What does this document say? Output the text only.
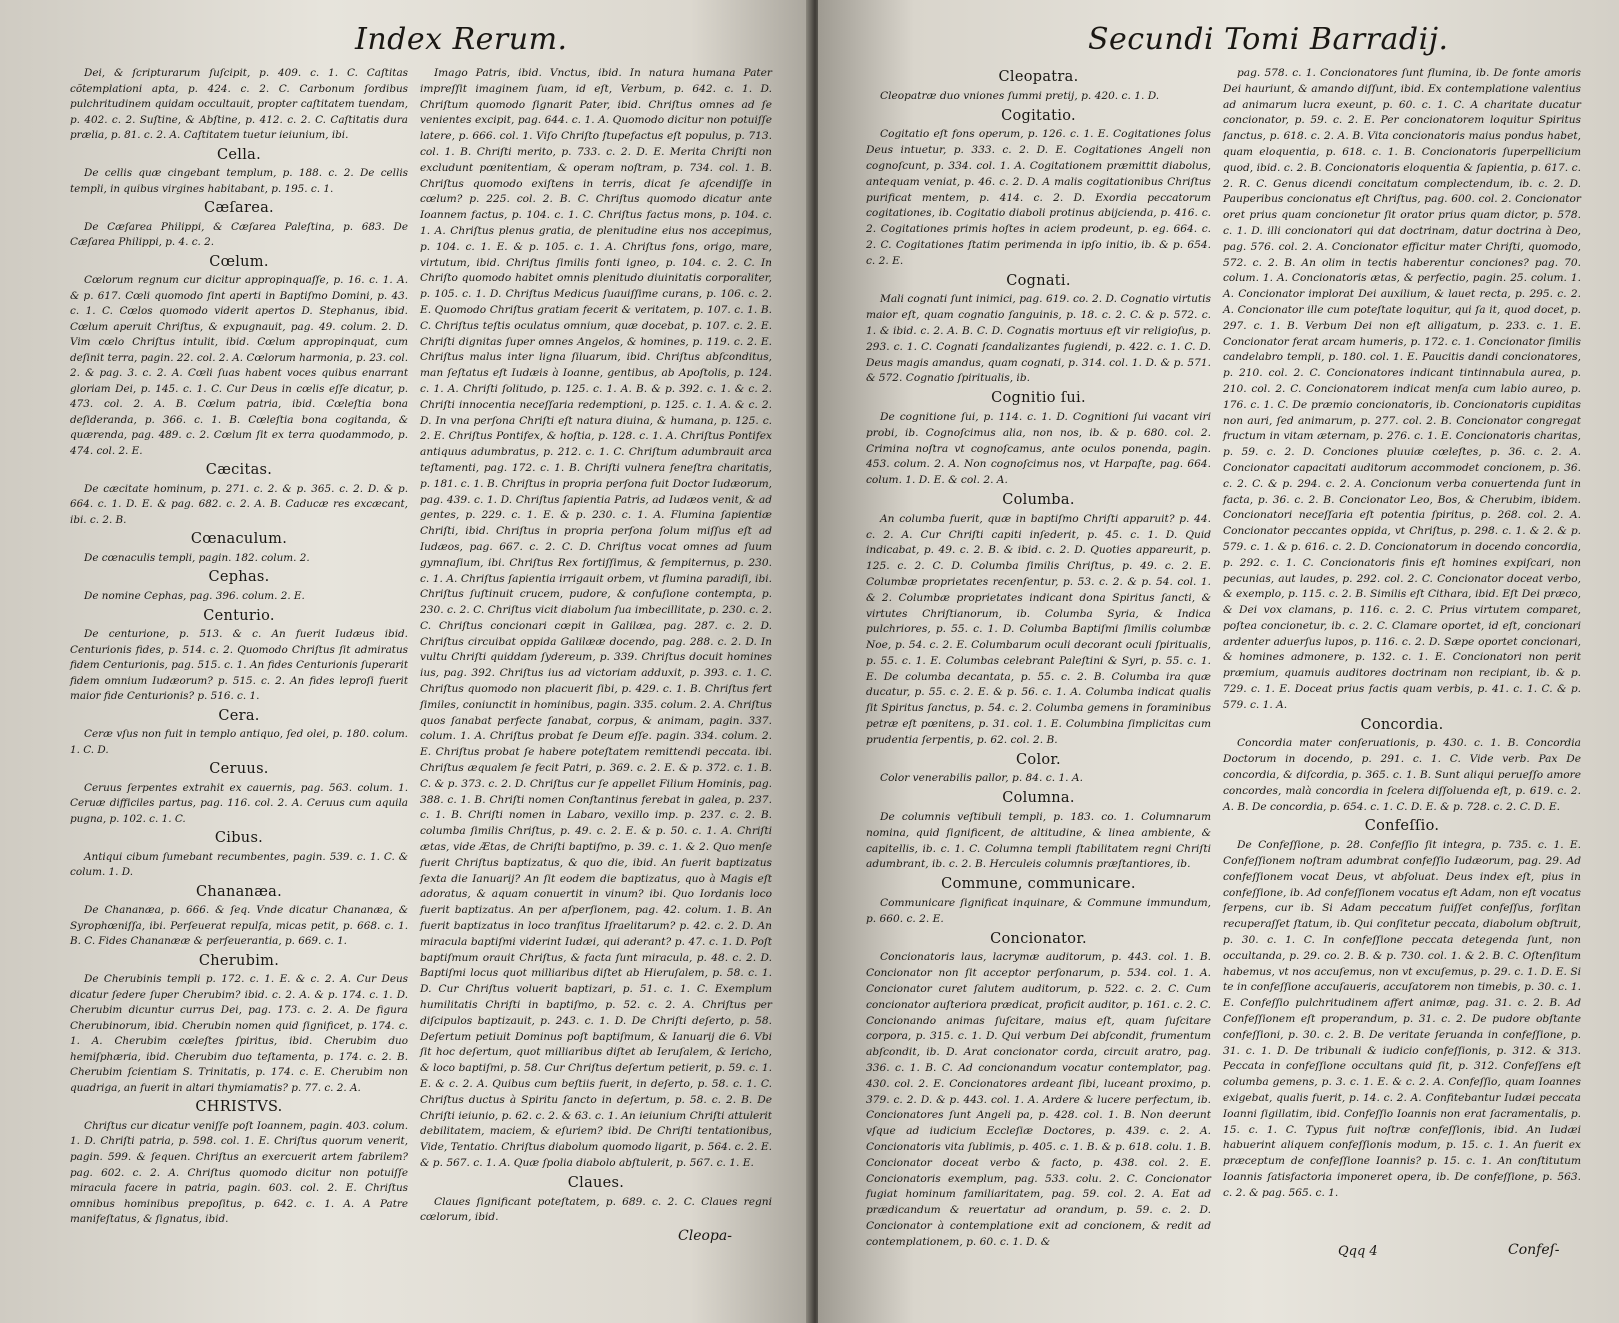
Index Rerum.

Dei, & ſcripturarum ſuſcipit, p. 409. c. 1. C. Caſtitas cõtemplationi apta, p. 424. c. 2. C. Carbonum ſordibus pulchritudinem quidam occultauit, propter caſtitatem tuendam, p. 402. c. 2. Suſtine, & Abſtine, p. 412. c. 2. C. Caſtitatis dura prælia, p. 81. c. 2. A. Caſtitatem tuetur ieiunium, ibi.

Cella.

De cellis quæ cingebant templum, p. 188. c. 2. De cellis templi, in quibus virgines habitabant, p. 195. c. 1.

Cæſarea.

De Cæſarea Philippi, & Cæſarea Paleſtina, p. 683. De Cæſarea Philippi, p. 4. c. 2.

Cœlum.

Cœlorum regnum cur dicitur appropinquaſſe, p. 16. c. 1. A. & p. 617. Cœli quomodo ſint aperti in Baptiſmo Domini, p. 43. c. 1. C. Cœlos quomodo viderit apertos D. Stephanus, ibid. Cœlum aperuit Chriſtus, & expugnauit, pag. 49. colum. 2. D. Vim cœlo Chriſtus intulit, ibid. Cœlum appropinquat, cum deſinit terra, pagin. 22. col. 2. A. Cœlorum harmonia, p. 23. col. 2. & pag. 3. c. 2. A. Cœli ſuas habent voces quibus enarrant gloriam Dei, p. 145. c. 1. C. Cur Deus in cœlis eſſe dicatur, p. 473. col. 2. A. B. Cœlum patria, ibid. Cœleſtia bona deſideranda, p. 366. c. 1. B. Cœleſtia bona cogitanda, & quærenda, pag. 489. c. 2. Cœlum ſit ex terra quodammodo, p. 474. col. 2. E.

Cæcitas.

De cæcitate hominum, p. 271. c. 2. & p. 365. c. 2. D. & p. 664. c. 1. D. E. & pag. 682. c. 2. A. B. Caducæ res excæcant, ibi. c. 2. B.

Cœnaculum.

De cœnaculis templi, pagin. 182. colum. 2.

Cephas.

De nomine Cephas, pag. 396. colum. 2. E.

Centurio.

De centurione, p. 513. & c. An fuerit Iudæus ibid. Centurionis fides, p. 514. c. 2. Quomodo Chriſtus ſit admiratus fidem Centurionis, pag. 515. c. 1. An fides Centurionis ſuperarit fidem omnium Iudæorum? p. 515. c. 2. An fides leproſi fuerit maior fide Centurionis? p. 516. c. 1.

Cera.

Ceræ vſus non fuit in templo antiquo, ſed olei, p. 180. colum. 1. C. D.

Ceruus.

Ceruus ſerpentes extrahit ex cauernis, pag. 563. colum. 1. Ceruæ difficiles partus, pag. 116. col. 2. A. Ceruus cum aquila pugna, p. 102. c. 1. C.

Cibus.

Antiqui cibum ſumebant recumbentes, pagin. 539. c. 1. C. & colum. 1. D.

Chananæa.

De Chananæa, p. 666. & ſeq. Vnde dicatur Chananæa, & Syrophœniſſa, ibi. Perſeuerat repulſa, micas petit, p. 668. c. 1. B. C. Fides Chananææ & perſeuerantia, p. 669. c. 1.

Cherubim.

De Cherubinis templi p. 172. c. 1. E. & c. 2. A. Cur Deus dicatur ſedere ſuper Cherubim? ibid. c. 2. A. & p. 174. c. 1. D. Cherubim dicuntur currus Dei, pag. 173. c. 2. A. De figura Cherubinorum, ibid. Cherubin nomen quid ſignificet, p. 174. c. 1. A. Cherubim cœleſtes ſpiritus, ibid. Cherubim duo hemiſphæria, ibid. Cherubim duo teſtamenta, p. 174. c. 2. B. Cherubim ſcientiam S. Trinitatis, p. 174. c. E. Cherubim non quadriga, an fuerit in altari thymiamatis? p. 77. c. 2. A.

CHRISTVS.

Chriſtus cur dicatur veniſſe poſt Ioannem, pagin. 403. colum. 1. D. Chriſti patria, p. 598. col. 1. E. Chriſtus quorum venerit, pagin. 599. & ſequen. Chriſtus an exercuerit artem fabrilem? pag. 602. c. 2. A. Chriſtus quomodo dicitur non potuiſſe miracula facere in patria, pagin. 603. col. 2. E. Chriſtus omnibus hominibus prepoſitus, p. 642. c. 1. A. A Patre manifeſtatus, & ſignatus, ibid.

Imago Patris, ibid. Vnctus, ibid. In natura humana Pater impreſſit imaginem ſuam, id eſt, Verbum, p. 642. c. 1. D. Chriſtum quomodo ſignarit Pater, ibid. Chriſtus omnes ad ſe venientes excipit, pag. 644. c. 1. A. Quomodo dicitur non potuiſſe latere, p. 666. col. 1. Viſo Chriſto ſtupefactus eſt populus, p. 713. col. 1. B. Chriſti merito, p. 733. c. 2. D. E. Merita Chriſti non excludunt pœnitentiam, & operam noſtram, p. 734. col. 1. B. Chriſtus quomodo exiſtens in terris, dicat ſe aſcendiſſe in cœlum? p. 225. col. 2. B. C. Chriſtus quomodo dicatur ante Ioannem factus, p. 104. c. 1. C. Chriſtus factus mons, p. 104. c. 1. A. Chriſtus plenus gratia, de plenitudine eius nos accepimus, p. 104. c. 1. E. & p. 105. c. 1. A. Chriſtus fons, origo, mare, virtutum, ibid. Chriſtus ſimilis fonti igneo, p. 104. c. 2. C. In Chriſto quomodo habitet omnis plenitudo diuinitatis corporaliter, p. 105. c. 1. D. Chriſtus Medicus ſuauiſſime curans, p. 106. c. 2. E. Quomodo Chriſtus gratiam fecerit & veritatem, p. 107. c. 1. B. C. Chriſtus teſtis oculatus omnium, quæ docebat, p. 107. c. 2. E. Chriſti dignitas ſuper omnes Angelos, & homines, p. 119. c. 2. E. Chriſtus malus inter ligna ſiluarum, ibid. Chriſtus abſconditus, man ſeſtatus eſt Iudæis à Ioanne, gentibus, ab Apoſtolis, p. 124. c. 1. A. Chriſti ſolitudo, p. 125. c. 1. A. B. & p. 392. c. 1. & c. 2. Chriſti innocentia neceſſaria redemptioni, p. 125. c. 1. A. & c. 2. D. In vna perſona Chriſti eſt natura diuina, & humana, p. 125. c. 2. E. Chriſtus Pontifex, & hoſtia, p. 128. c. 1. A. Chriſtus Pontifex antiquus adumbratus, p. 212. c. 1. C. Chriſtum adumbrauit arca teſtamenti, pag. 172. c. 1. B. Chriſti vulnera feneſtra charitatis, p. 181. c. 1. B. Chriſtus in propria perſona fuit Doctor Iudæorum, pag. 439. c. 1. D. Chriſtus ſapientia Patris, ad Iudæos venit, & ad gentes, p. 229. c. 1. E. & p. 230. c. 1. A. Flumina ſapientiæ Chriſti, ibid. Chriſtus in propria perſona ſolum miſſus eſt ad Iudæos, pag. 667. c. 2. C. D. Chriſtus vocat omnes ad ſuum gymnaſium, ibi. Chriſtus Rex fortiſſimus, & ſempiternus, p. 230. c. 1. A. Chriſtus ſapientia irrigauit orbem, vt flumina paradiſi, ibi. Chriſtus ſuſtinuit crucem, pudore, & confuſione contempta, p. 230. c. 2. C. Chriſtus vicit diabolum ſua imbecillitate, p. 230. c. 2. C. Chriſtus concionari cœpit in Galilæa, pag. 287. c. 2. D. Chriſtus circuibat oppida Galilææ docendo, pag. 288. c. 2. D. In vultu Chriſti quiddam ſydereum, p. 339. Chriſtus docuit homines ius, pag. 392. Chriſtus ius ad victoriam adduxit, p. 393. c. 1. C. Chriſtus quomodo non placuerit ſibi, p. 429. c. 1. B. Chriſtus fert ſimiles, coniunctit in hominibus, pagin. 335. colum. 2. A. Chriſtus quos ſanabat perfecte ſanabat, corpus, & animam, pagin. 337. colum. 1. A. Chriſtus probat ſe Deum eſſe. pagin. 334. colum. 2. E. Chriſtus probat ſe habere poteſtatem remittendi peccata. ibi. Chriſtus æqualem ſe fecit Patri, p. 369. c. 2. E. & p. 372. c. 1. B. C. & p. 373. c. 2. D. Chriſtus cur ſe appellet Filium Hominis, pag. 388. c. 1. B. Chriſti nomen Conſtantinus ferebat in galea, p. 237. c. 1. B. Chriſti nomen in Labaro, vexillo imp. p. 237. c. 2. B. columba ſimilis Chriſtus, p. 49. c. 2. E. & p. 50. c. 1. A. Chriſti ætas, vide Ætas, de Chriſti baptiſmo, p. 39. c. 1. & 2. Quo menſe fuerit Chriſtus baptizatus, & quo die, ibid. An fuerit baptizatus ſexta die Ianuarij? An ſit eodem die baptizatus, quo à Magis eſt adoratus, & aquam conuertit in vinum? ibi. Quo Iordanis loco fuerit baptizatus. An per aſperſionem, pag. 42. colum. 1. B. An fuerit baptizatus in loco tranſitus Iſraelitarum? p. 42. c. 2. D. An miracula baptiſmi viderint Iudæi, qui aderant? p. 47. c. 1. D. Poſt baptiſmum orauit Chriſtus, & facta ſunt miracula, p. 48. c. 2. D. Baptiſmi locus quot milliaribus diſtet ab Hieruſalem, p. 58. c. 1. D. Cur Chriſtus voluerit baptizari, p. 51. c. 1. C. Exemplum humilitatis Chriſti in baptiſmo, p. 52. c. 2. A. Chriſtus per diſcipulos baptizauit, p. 243. c. 1. D. De Chriſti deſerto, p. 58. Deſertum petiuit Dominus poſt baptiſmum, & Ianuarij die 6. Vbi ſit hoc deſertum, quot milliaribus diſtet ab Ieruſalem, & Iericho, & loco baptiſmi, p. 58. Cur Chriſtus deſertum petierit, p. 59. c. 1. E. & c. 2. A. Quibus cum beſtiis fuerit, in deſerto, p. 58. c. 1. C. Chriſtus ductus à Spiritu ſancto in deſertum, p. 58. c. 2. B. De Chriſti ieiunio, p. 62. c. 2. & 63. c. 1. An ieiunium Chriſti attulerit debilitatem, maciem, & eſuriem? ibid. De Chriſti tentationibus, Vide, Tentatio. Chriſtus diabolum quomodo ligarit, p. 564. c. 2. E. & p. 567. c. 1. A. Quæ ſpolia diabolo abſtulerit, p. 567. c. 1. E.

Claues.

Claues ſignificant poteſtatem, p. 689. c. 2. C. Claues regni cœlorum, ibid.

Cleopa-
Secundi Tomi Barradij.
Cleopatra.

Cleopatræ duo vniones ſummi pretij, p. 420. c. 1. D.

Cogitatio.

Cogitatio eſt fons operum, p. 126. c. 1. E. Cogitationes ſolus Deus intuetur, p. 333. c. 2. D. E. Cogitationes Angeli non cognoſcunt, p. 334. col. 1. A. Cogitationem præmittit diabolus, antequam veniat, p. 46. c. 2. D. A malis cogitationibus Chriſtus purificat mentem, p. 414. c. 2. D. Exordia peccatorum cogitationes, ib. Cogitatio diaboli protinus abijcienda, p. 416. c. 2. Cogitationes primis hoſtes in aciem prodeunt, p. eg. 664. c. 2. C. Cogitationes ſtatim perimenda in ipſo initio, ib. & p. 654. c. 2. E.

Cognati.

Mali cognati ſunt inimici, pag. 619. co. 2. D. Cognatio virtutis maior eſt, quam cognatio ſanguinis, p. 18. c. 2. C. & p. 572. c. 1. & ibid. c. 2. A. B. C. D. Cognatis mortuus eſt vir religioſus, p. 293. c. 1. C. Cognati ſcandalizantes fugiendi, p. 422. c. 1. C. D. Deus magis amandus, quam cognati, p. 314. col. 1. D. & p. 571. & 572. Cognatio ſpiritualis, ib.

Cognitio ſui.

De cognitione ſui, p. 114. c. 1. D. Cognitioni ſui vacant viri probi, ib. Cognoſcimus alia, non nos, ib. & p. 680. col. 2. Crimina noſtra vt cognoſcamus, ante oculos ponenda, pagin. 453. colum. 2. A. Non cognoſcimus nos, vt Harpaſte, pag. 664. colum. 1. D. E. & col. 2. A.

Columba.

An columba fuerit, quæ in baptiſmo Chriſti apparuit? p. 44. c. 2. A. Cur Chriſti capiti inſederit, p. 45. c. 1. D. Quid indicabat, p. 49. c. 2. B. & ibid. c. 2. D. Quoties appareurit, p. 125. c. 2. C. D. Columba ſimilis Chriſtus, p. 49. c. 2. E. Columbæ proprietates recenſentur, p. 53. c. 2. & p. 54. col. 1. & 2. Columbæ proprietates indicant dona Spiritus ſancti, & virtutes Chriſtianorum, ib. Columba Syria, & Indica pulchriores, p. 55. c. 1. D. Columba Baptiſmi ſimilis columbæ Noe, p. 54. c. 2. E. Columbarum oculi decorant oculi ſpiritualis, p. 55. c. 1. E. Columbas celebrant Paleſtini & Syri, p. 55. c. 1. E. De columba decantata, p. 55. c. 2. B. Columba ira quæ ducatur, p. 55. c. 2. E. & p. 56. c. 1. A. Columba indicat qualis ſit Spiritus ſanctus, p. 54. c. 2. Columba gemens in foraminibus petræ eſt pœnitens, p. 31. col. 1. E. Columbina ſimplicitas cum prudentia ſerpentis, p. 62. col. 2. B.

Color.

Color venerabilis pallor, p. 84. c. 1. A.

Columna.

De columnis veſtibuli templi, p. 183. co. 1. Columnarum nomina, quid ſignificent, de altitudine, & linea ambiente, & capitellis, ib. c. 1. C. Columna templi ſtabilitatem regni Chriſti adumbrant, ib. c. 2. B. Herculeis columnis præſtantiores, ib.

Commune, communicare.

Communicare ſignificat inquinare, & Commune immundum, p. 660. c. 2. E.

Concionator.

Concionatoris laus, lacrymæ auditorum, p. 443. col. 1. B. Concionator non ſit acceptor perſonarum, p. 534. col. 1. A. Concionator curet ſalutem auditorum, p. 522. c. 2. C. Cum concionator auſteriora prædicat, proficit auditor, p. 161. c. 2. C. Concionando animas ſuſcitare, maius eſt, quam ſuſcitare corpora, p. 315. c. 1. D. Qui verbum Dei abſcondit, frumentum abſcondit, ib. D. Arat concionator corda, circuit aratro, pag. 336. c. 1. B. C. Ad concionandum vocatur contemplator, pag. 430. col. 2. E. Concionatores ardeant ſibi, luceant proximo, p. 379. c. 2. D. & p. 443. col. 1. A. Ardere & lucere perfectum, ib. Concionatores ſunt Angeli pa, p. 428. col. 1. B. Non deerunt vſque ad iudicium Eccleſiæ Doctores, p. 439. c. 2. A. Concionatoris vita ſublimis, p. 405. c. 1. B. & p. 618. colu. 1. B. Concionator doceat verbo & facto, p. 438. col. 2. E. Concionatoris exemplum, pag. 533. colu. 2. C. Concionator fugiat hominum familiaritatem, pag. 59. col. 2. A. Eat ad prædicandum & reuertatur ad orandum, p. 59. c. 2. D. Concionator à contemplatione exit ad concionem, & redit ad contemplationem, p. 60. c. 1. D. &

pag. 578. c. 1. Concionatores ſunt flumina, ib. De fonte amoris Dei hauriunt, & amando diſſunt, ibid. Ex contemplatione valentius ad animarum lucra exeunt, p. 60. c. 1. C. A charitate ducatur concionator, p. 59. c. 2. E. Per concionatorem loquitur Spiritus ſanctus, p. 618. c. 2. A. B. Vita concionatoris maius pondus habet, quam eloquentia, p. 618. c. 1. B. Concionatoris ſuperpellicium quod, ibid. c. 2. B. Concionatoris eloquentia & ſapientia, p. 617. c. 2. R. C. Genus dicendi concitatum complectendum, ib. c. 2. D. Pauperibus concionatus eſt Chriſtus, pag. 600. col. 2. Concionator oret prius quam concionetur ſit orator prius quam dictor, p. 578. c. 1. D. illi concionatori qui dat doctrinam, datur doctrina à Deo, pag. 576. col. 2. A. Concionator efficitur mater Chriſti, quomodo, 572. c. 2. B. An olim in tectis haberentur conciones? pag. 70. colum. 1. A. Concionatoris ætas, & perfectio, pagin. 25. colum. 1. A. Concionator implorat Dei auxilium, & lauet recta, p. 295. c. 2. A. Concionator ille cum poteſtate loquitur, qui ſa it, quod docet, p. 297. c. 1. B. Verbum Dei non eſt alligatum, p. 233. c. 1. E. Concionator ferat arcam humeris, p. 172. c. 1. Concionator ſimilis candelabro templi, p. 180. col. 1. E. Paucitis dandi concionatores, p. 210. col. 2. C. Concionatores indicant tintinnabula aurea, p. 210. col. 2. C. Concionatorem indicat menſa cum labio aureo, p. 176. c. 1. C. De præmio concionatoris, ib. Concionatoris cupiditas non auri, ſed animarum, p. 277. col. 2. B. Concionator congregat fructum in vitam æternam, p. 276. c. 1. E. Concionatoris charitas, p. 59. c. 2. D. Conciones pluuiæ cœleſtes, p. 36. c. 2. A. Concionator capacitati auditorum accommodet concionem, p. 36. c. 2. C. & p. 294. c. 2. A. Concionum verba conuertenda ſunt in facta, p. 36. c. 2. B. Concionator Leo, Bos, & Cherubim, ibidem. Concionatori neceſſaria eſt potentia ſpiritus, p. 268. col. 2. A. Concionator peccantes oppida, vt Chriſtus, p. 298. c. 1. & 2. & p. 579. c. 1. & p. 616. c. 2. D. Concionatorum in docendo concordia, p. 292. c. 1. C. Concionatoris finis eſt homines expiſcari, non pecunias, aut laudes, p. 292. col. 2. C. Concionator doceat verbo, & exemplo, p. 115. c. 2. B. Similis eſt Cithara, ibid. Eſt Dei præco, & Dei vox clamans, p. 116. c. 2. C. Prius virtutem comparet, poſtea concionetur, ib. c. 2. C. Clamare oportet, id eſt, concionari ardenter aduerſus lupos, p. 116. c. 2. D. Sæpe oportet concionari, & homines admonere, p. 132. c. 1. E. Concionatori non perit præmium, quamuis auditores doctrinam non recipiant, ib. & p. 729. c. 1. E. Doceat prius factis quam verbis, p. 41. c. 1. C. & p. 579. c. 1. A.

Concordia.

Concordia mater conſeruationis, p. 430. c. 1. B. Concordia Doctorum in docendo, p. 291. c. 1. C. Vide verb. Pax De concordia, & diſcordia, p. 365. c. 1. B. Sunt aliqui perueſſo amore concordes, malà concordia in ſcelera diſſoluenda eſt, p. 619. c. 2. A. B. De concordia, p. 654. c. 1. C. D. E. & p. 728. c. 2. C. D. E.

Confeſſio.

De Confeſſione, p. 28. Confeſſio ſit integra, p. 735. c. 1. E. Confeſſionem noſtram adumbrat confeſſio Iudæorum, pag. 29. Ad confeſſionem vocat Deus, vt abſoluat. Deus index eſt, pius in confeſſione, ib. Ad confeſſionem vocatus eſt Adam, non eſt vocatus ſerpens, cur ib. Si Adam peccatum fuiſſet confeſſus, forſitan recuperaſſet ſtatum, ib. Qui conſitetur peccata, diabolum obſtruit, p. 30. c. 1. C. In confeſſione peccata detegenda ſunt, non occultanda, p. 29. co. 2. B. & p. 730. col. 1. & 2. B. C. Oſtenſitum habemus, vt nos accuſemus, non vt excuſemus, p. 29. c. 1. D. E. Si te in confeſſione accuſaueris, accuſatorem non timebis, p. 30. c. 1. E. Confeſſio pulchritudinem affert animæ, pag. 31. c. 2. B. Ad Confeſſionem eſt properandum, p. 31. c. 2. De pudore obſtante confeſſioni, p. 30. c. 2. B. De veritate ſeruanda in confeſſione, p. 31. c. 1. D. De tribunali & iudicio confeſſionis, p. 312. & 313. Peccata in confeſſione occultans quid ſit, p. 312. Confeſſens eſt columba gemens, p. 3. c. 1. E. & c. 2. A. Confeſſio, quam Ioannes exigebat, qualis fuerit, p. 14. c. 2. A. Confitebantur Iudæi peccata Ioanni ſigillatim, ibid. Confeſſio Ioannis non erat ſacramentalis, p. 15. c. 1. C. Typus fuit noſtræ confeſſionis, ibid. An Iudæi habuerint aliquem confeſſionis modum, p. 15. c. 1. An fuerit ex præceptum de confeſſione Ioannis? p. 15. c. 1. An conſtitutum Ioannis ſatisfactoria imponeret opera, ib. De confeſſione, p. 563. c. 2. & pag. 565. c. 1.

Qqq 4	Confeſ-
